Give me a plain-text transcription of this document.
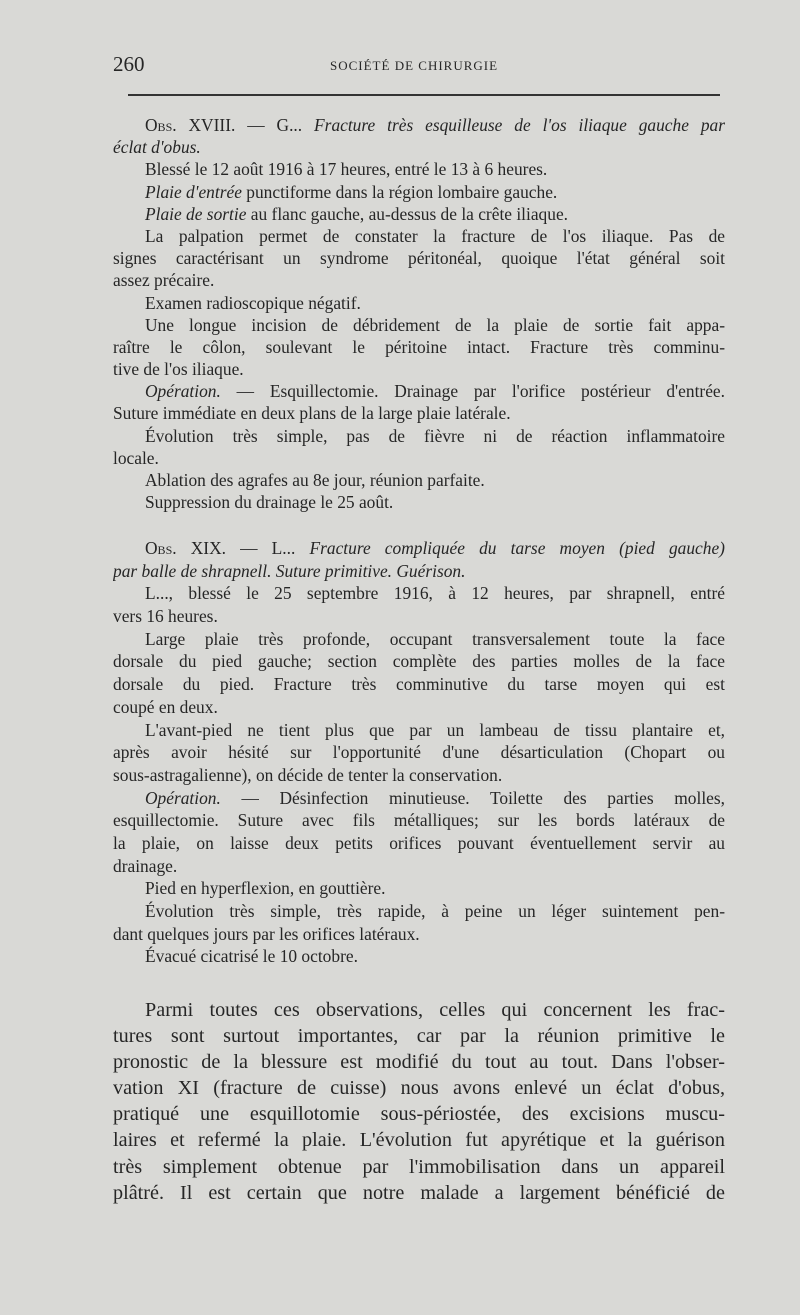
260	SOCIÉTÉ DE CHIRURGIE
Obs. XVIII. — G... Fracture très esquilleuse de l'os iliaque gauche par
éclat d'obus.
Blessé le 12 août 1916 à 17 heures, entré le 13 à 6 heures.
Plaie d'entrée punctiforme dans la région lombaire gauche.
Plaie de sortie au flanc gauche, au-dessus de la crête iliaque.
La palpation permet de constater la fracture de l'os iliaque. Pas de
signes caractérisant un syndrome péritonéal, quoique l'état général soit
assez précaire.
Examen radioscopique négatif.
Une longue incision de débridement de la plaie de sortie fait appa-
raître le côlon, soulevant le péritoine intact. Fracture très comminu-
tive de l'os iliaque.
Opération. — Esquillectomie. Drainage par l'orifice postérieur d'entrée.
Suture immédiate en deux plans de la large plaie latérale.
Évolution très simple, pas de fièvre ni de réaction inflammatoire
locale.
Ablation des agrafes au 8e jour, réunion parfaite.
Suppression du drainage le 25 août.
Obs. XIX. — L... Fracture compliquée du tarse moyen (pied gauche)
par balle de shrapnell. Suture primitive. Guérison.
L..., blessé le 25 septembre 1916, à 12 heures, par shrapnell, entré
vers 16 heures.
Large plaie très profonde, occupant transversalement toute la face
dorsale du pied gauche; section complète des parties molles de la face
dorsale du pied. Fracture très comminutive du tarse moyen qui est
coupé en deux.
L'avant-pied ne tient plus que par un lambeau de tissu plantaire et,
après avoir hésité sur l'opportunité d'une désarticulation (Chopart ou
sous-astragalienne), on décide de tenter la conservation.
Opération. — Désinfection minutieuse. Toilette des parties molles,
esquillectomie. Suture avec fils métalliques; sur les bords latéraux de
la plaie, on laisse deux petits orifices pouvant éventuellement servir au
drainage.
Pied en hyperflexion, en gouttière.
Évolution très simple, très rapide, à peine un léger suintement pen-
dant quelques jours par les orifices latéraux.
Évacué cicatrisé le 10 octobre.
Parmi toutes ces observations, celles qui concernent les frac-
tures sont surtout importantes, car par la réunion primitive le
pronostic de la blessure est modifié du tout au tout. Dans l'obser-
vation XI (fracture de cuisse) nous avons enlevé un éclat d'obus,
pratiqué une esquillotomie sous-périostée, des excisions muscu-
laires et refermé la plaie. L'évolution fut apyrétique et la guérison
très simplement obtenue par l'immobilisation dans un appareil
plâtré. Il est certain que notre malade a largement bénéficié de
